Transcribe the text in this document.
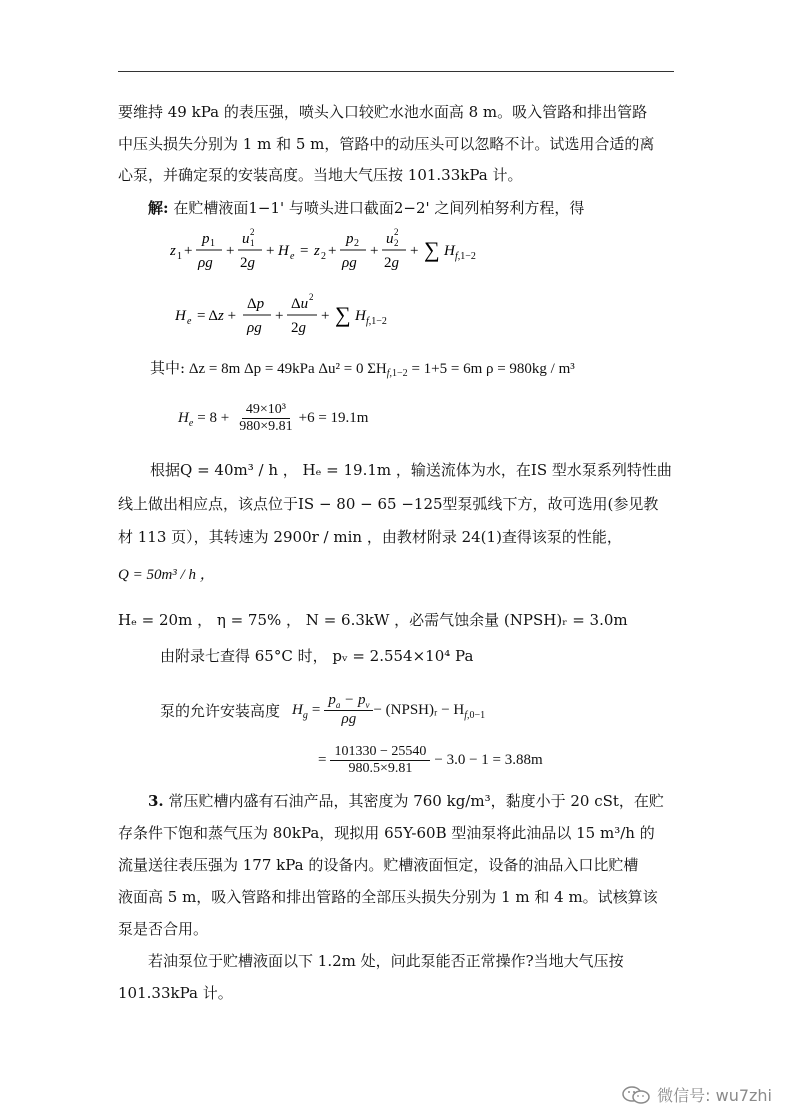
要维持 49 kPa 的表压强，喷头入口较贮水池水面高 8 m。吸入管路和排出管路
中压头损失分别为 1 m 和 5 m，管路中的动压头可以忽略不计。试选用合适的离
心泵，并确定泵的安装高度。当地大气压按 101.33kPa 计。
解: 在贮槽液面1−1' 与喷头进口截面2−2' 之间列柏努利方程，得
z 1 +
p 1
ρg
+
u 2
1
2g
+ H e = z 2 +
p 2
ρg
+
u 2
2
2g
+ ∑ H f,1−2
H e = Δz +
Δp
ρg
+
Δu 2
2g
+ ∑ H f,1−2
其中: Δz = 8m Δp = 49kPa Δu² = 0 $\Sigma H_{f,1-2} = 1+5 = 6m$ ρ = 980kg / m³
H $e = 8 + \frac{\text{49×10³}}{980\times 9.81} +6 = 19.1m$
根据Q = 40m³ / h ， Hₑ = 19.1m ，输送流体为水，在IS 型水泵系列特性曲
线上做出相应点，该点位于IS − 80 − 65 −125型泵弧线下方，故可选用(参见教
材 113 页），其转速为 2900r / min ，由教材附录 24(1)查得该泵的性能，
Q = 50m³ / h ，
Hₑ = 20m ， η = 75% ， N = 6.3kW ，必需气蚀余量 (NPSH)ᵣ = 3.0m
由附录七查得 65°C 时， pᵥ = 2.554×10⁴ Pa
泵的允许安装高度 H $g = \frac{p_a - p_v}{\rho g}$ − (NPSH)ᵣ − H f,0−1
= $\frac{101330 - 25540}{980.5\times 9.81} - 3.0 - 1 = 3.88m$
3. 常压贮槽内盛有石油产品，其密度为 760 kg/m³，黏度小于 20 cSt，在贮
存条件下饱和蒸气压为 80kPa，现拟用 65Y-60B 型油泵将此油品以 15 m³/h 的
流量送往表压强为 177 kPa 的设备内。贮槽液面恒定，设备的油品入口比贮槽
液面高 5 m，吸入管路和排出管路的全部压头损失分别为 1 m 和 4 m。试核算该
泵是否合用。
若油泵位于贮槽液面以下 1.2m 处，问此泵能否正常操作?当地大气压按
101.33kPa 计。
微信号: wu7zhi
